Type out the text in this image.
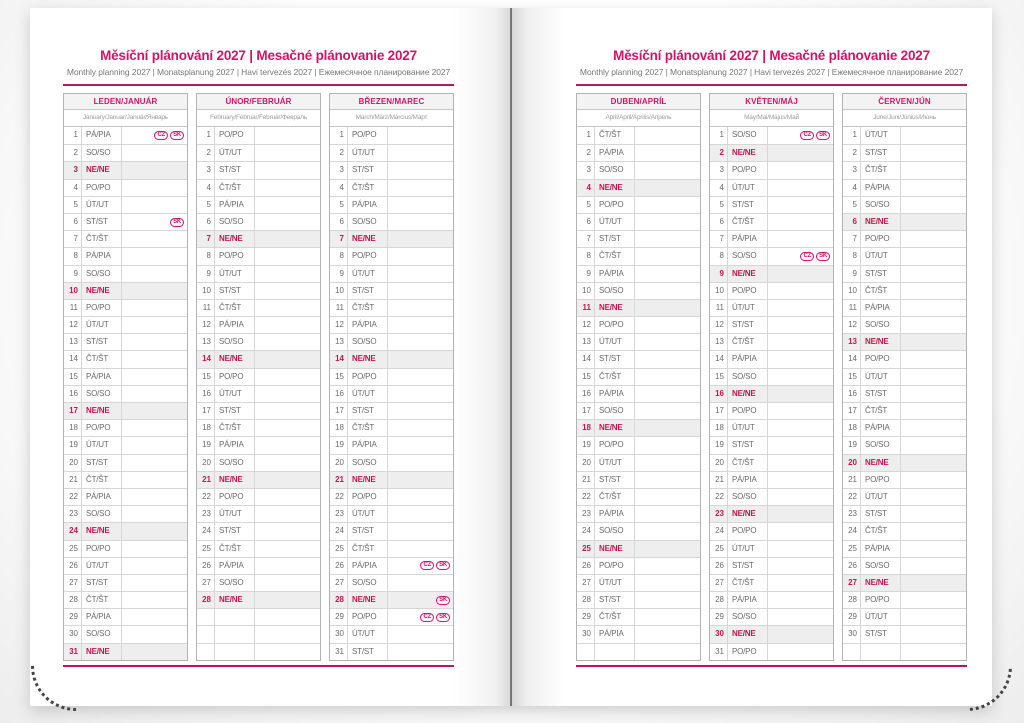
Měsíční plánování 2027 | Mesačné plánovanie 2027
Monthly planning 2027 | Monatsplanung 2027 | Havi tervezés 2027 | Ежемесячное планирование 2027
LEDEN/JANUÁR
January/Januar/Január/Январь
1	PÁ/PIA	CZ	SK
2	SO/SO
3	NE/NE
4	PO/PO
5	ÚT/UT
6	ST/ST	SK
7	ČT/ŠT
8	PÁ/PIA
9	SO/SO
10	NE/NE
11	PO/PO
12	ÚT/UT
13	ST/ST
14	ČT/ŠT
15	PÁ/PIA
16	SO/SO
17	NE/NE
18	PO/PO
19	ÚT/UT
20	ST/ST
21	ČT/ŠT
22	PÁ/PIA
23	SO/SO
24	NE/NE
25	PO/PO
26	ÚT/UT
27	ST/ST
28	ČT/ŠT
29	PÁ/PIA
30	SO/SO
31	NE/NE
ÚNOR/FEBRUÁR
February/Februar/Február/Февраль
1	PO/PO
2	ÚT/UT
3	ST/ST
4	ČT/ŠT
5	PÁ/PIA
6	SO/SO
7	NE/NE
8	PO/PO
9	ÚT/UT
10	ST/ST
11	ČT/ŠT
12	PÁ/PIA
13	SO/SO
14	NE/NE
15	PO/PO
16	ÚT/UT
17	ST/ST
18	ČT/ŠT
19	PÁ/PIA
20	SO/SO
21	NE/NE
22	PO/PO
23	ÚT/UT
24	ST/ST
25	ČT/ŠT
26	PÁ/PIA
27	SO/SO
28	NE/NE
BŘEZEN/MAREC
March/März/Március/Март
1	PO/PO
2	ÚT/UT
3	ST/ST
4	ČT/ŠT
5	PÁ/PIA
6	SO/SO
7	NE/NE
8	PO/PO
9	ÚT/UT
10	ST/ST
11	ČT/ŠT
12	PÁ/PIA
13	SO/SO
14	NE/NE
15	PO/PO
16	ÚT/UT
17	ST/ST
18	ČT/ŠT
19	PÁ/PIA
20	SO/SO
21	NE/NE
22	PO/PO
23	ÚT/UT
24	ST/ST
25	ČT/ŠT
26	PÁ/PIA	CZ	SK
27	SO/SO
28	NE/NE	SK
29	PO/PO	CZ	SK
30	ÚT/UT
31	ST/ST
Měsíční plánování 2027 | Mesačné plánovanie 2027
Monthly planning 2027 | Monatsplanung 2027 | Havi tervezés 2027 | Ежемесячное планирование 2027
DUBEN/APRÍL
April/April/Április/Апрель
1	ČT/ŠT
2	PÁ/PIA
3	SO/SO
4	NE/NE
5	PO/PO
6	ÚT/UT
7	ST/ST
8	ČT/ŠT
9	PÁ/PIA
10	SO/SO
11	NE/NE
12	PO/PO
13	ÚT/UT
14	ST/ST
15	ČT/ŠT
16	PÁ/PIA
17	SO/SO
18	NE/NE
19	PO/PO
20	ÚT/UT
21	ST/ST
22	ČT/ŠT
23	PÁ/PIA
24	SO/SO
25	NE/NE
26	PO/PO
27	ÚT/UT
28	ST/ST
29	ČT/ŠT
30	PÁ/PIA
KVĚTEN/MÁJ
May/Mai/Május/Май
1	SO/SO	CZ	SK
2	NE/NE
3	PO/PO
4	ÚT/UT
5	ST/ST
6	ČT/ŠT
7	PÁ/PIA
8	SO/SO	CZ	SK
9	NE/NE
10	PO/PO
11	ÚT/UT
12	ST/ST
13	ČT/ŠT
14	PÁ/PIA
15	SO/SO
16	NE/NE
17	PO/PO
18	ÚT/UT
19	ST/ST
20	ČT/ŠT
21	PÁ/PIA
22	SO/SO
23	NE/NE
24	PO/PO
25	ÚT/UT
26	ST/ST
27	ČT/ŠT
28	PÁ/PIA
29	SO/SO
30	NE/NE
31	PO/PO
ČERVEN/JÚN
June/Juni/Június/Июнь
1	ÚT/UT
2	ST/ST
3	ČT/ŠT
4	PÁ/PIA
5	SO/SO
6	NE/NE
7	PO/PO
8	ÚT/UT
9	ST/ST
10	ČT/ŠT
11	PÁ/PIA
12	SO/SO
13	NE/NE
14	PO/PO
15	ÚT/UT
16	ST/ST
17	ČT/ŠT
18	PÁ/PIA
19	SO/SO
20	NE/NE
21	PO/PO
22	ÚT/UT
23	ST/ST
24	ČT/ŠT
25	PÁ/PIA
26	SO/SO
27	NE/NE
28	PO/PO
29	ÚT/UT
30	ST/ST
